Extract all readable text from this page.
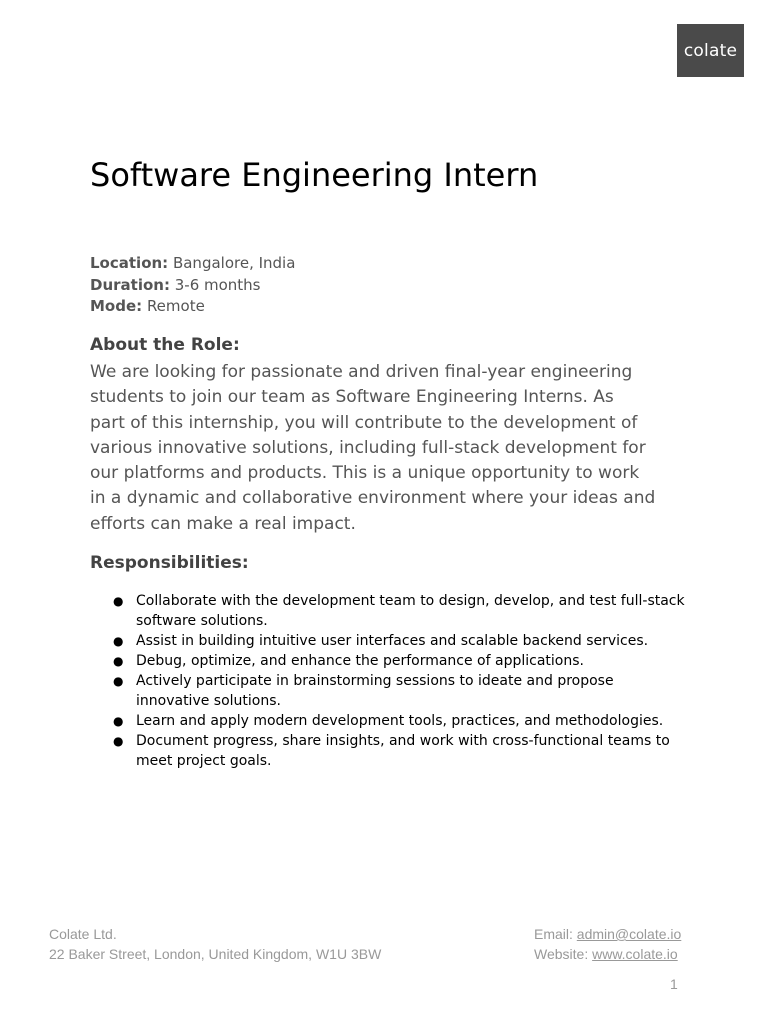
colate
Software Engineering Intern
Location: Bangalore, India
Duration: 3-6 months
Mode: Remote
About the Role:
We are looking for passionate and driven final-year engineering
students to join our team as Software Engineering Interns. As
part of this internship, you will contribute to the development of
various innovative solutions, including full-stack development for
our platforms and products. This is a unique opportunity to work
in a dynamic and collaborative environment where your ideas and
efforts can make a real impact.
Responsibilities:
● Collaborate with the development team to design, develop, and test full-stack
software solutions.
● Assist in building intuitive user interfaces and scalable backend services.
● Debug, optimize, and enhance the performance of applications.
● Actively participate in brainstorming sessions to ideate and propose
innovative solutions.
● Learn and apply modern development tools, practices, and methodologies.
● Document progress, share insights, and work with cross-functional teams to
meet project goals.
Colate Ltd.
22 Baker Street, London, United Kingdom, W1U 3BW
Email: admin@colate.io
Website: www.colate.io
1
